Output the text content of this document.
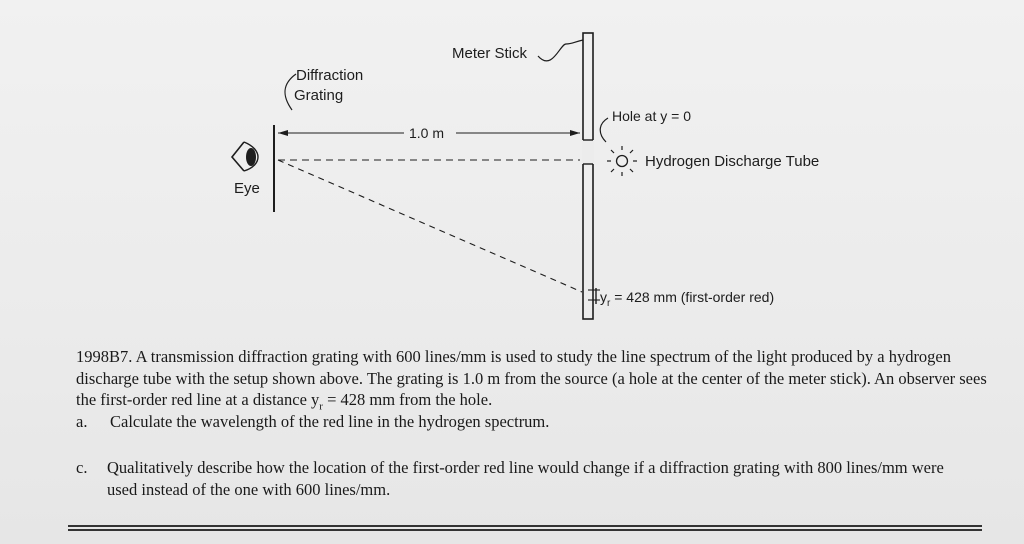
Meter Stick
Diffraction
Grating
1.0 m
Hole at y = 0
Hydrogen Discharge Tube
Eye
$y_r = 428$ mm (first-order red)

1998B7. A transmission diffraction grating with 600 lines/mm is used to study the line spectrum of the light produced by a hydrogen discharge tube with the setup shown above. The grating is 1.0 m from the source (a hole at the center of the meter stick). An observer sees the first-order red line at a distance $y_r = 428$ mm from the hole.

a. Calculate the wavelength of the red line in the hydrogen spectrum.
c.	Qualitatively describe how the location of the first-order red line would change if a diffraction grating with 800 lines/mm were used instead of the one with 600 lines/mm.
